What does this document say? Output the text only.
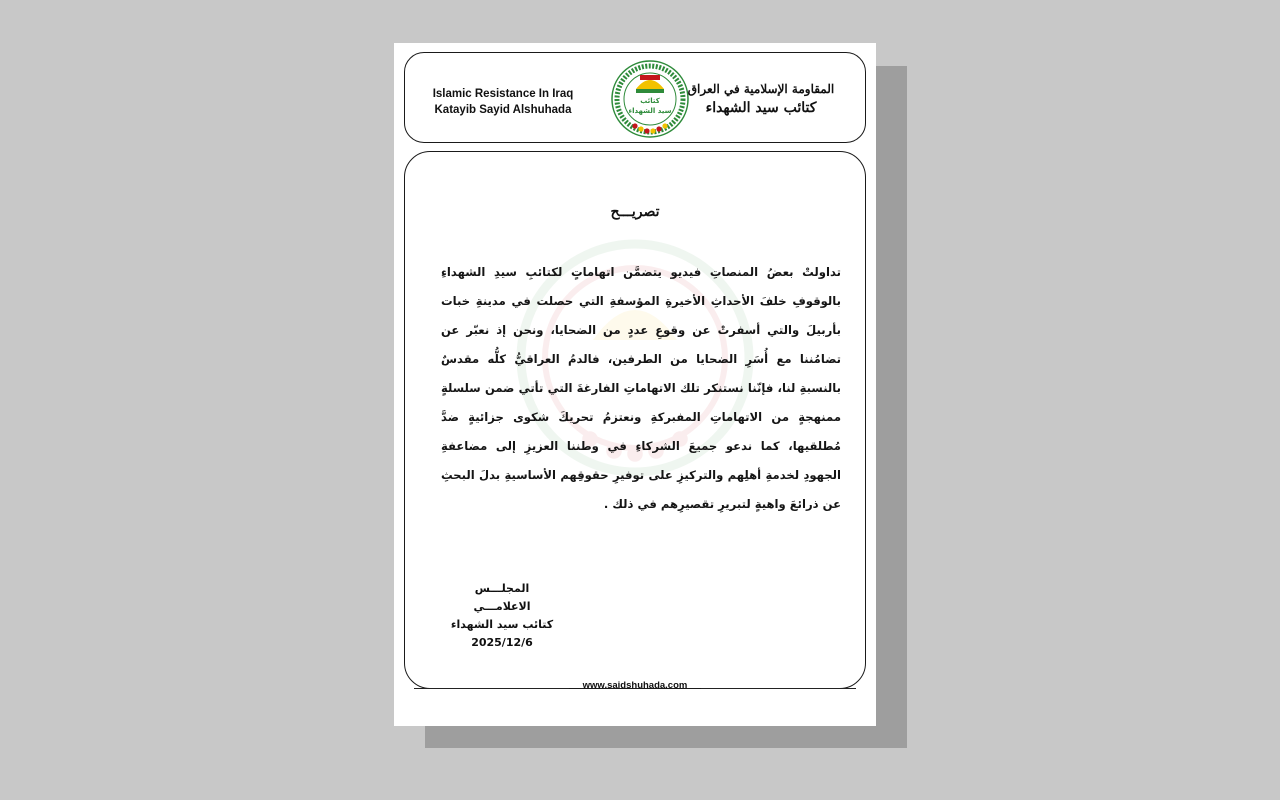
Islamic Resistance In Iraq
Katayib Sayid Alshuhada
كتائب
سيد الشهداء
المقاومة الإسلامية في العراق
كتائب سيد الشهداء
تصريـــح
تداولتْ بعضُ المنصاتِ فيديو يتضمَّن اتهاماتٍ لكتائبِ سيدِ الشهداءِ بالوقوفِ خلفَ الأحداثِ الأخيرةِ المؤسفةِ التي حصلت في مدينةِ خبات بأربيلَ والتي أسفرتْ عن وقوعِ عددٍ من الضحايا، ونحن إذ نعبّر عن تضامُننا مع أُسَرِ الضحايا من الطرفين، فالدمُ العراقيُّ كلُّه مقدسٌ بالنسبةِ لنا، فإنّنا نستنكر تلك الاتهاماتِ الفارغةَ التي تأتي ضمن سلسلةٍ ممنهجةٍ من الاتهاماتِ المفبركةِ ونعتزمُ تحريكَ شكوى جزائيةٍ ضدَّ مُطلقيها، كما ندعو جميعَ الشركاءِ في وطننا العزيزِ إلى مضاعفةِ الجهودِ لخدمةِ أهلِهم والتركيزِ على توفيرِ حقوقِهم الأساسيةِ بدلَ البحثِ عن ذرائعَ واهيةٍ لتبريرِ تقصيرِهم في ذلك .
المجلـــس الاعلامـــي
كتائب سيد الشهداء
2025/12/6
www.saidshuhada.com
